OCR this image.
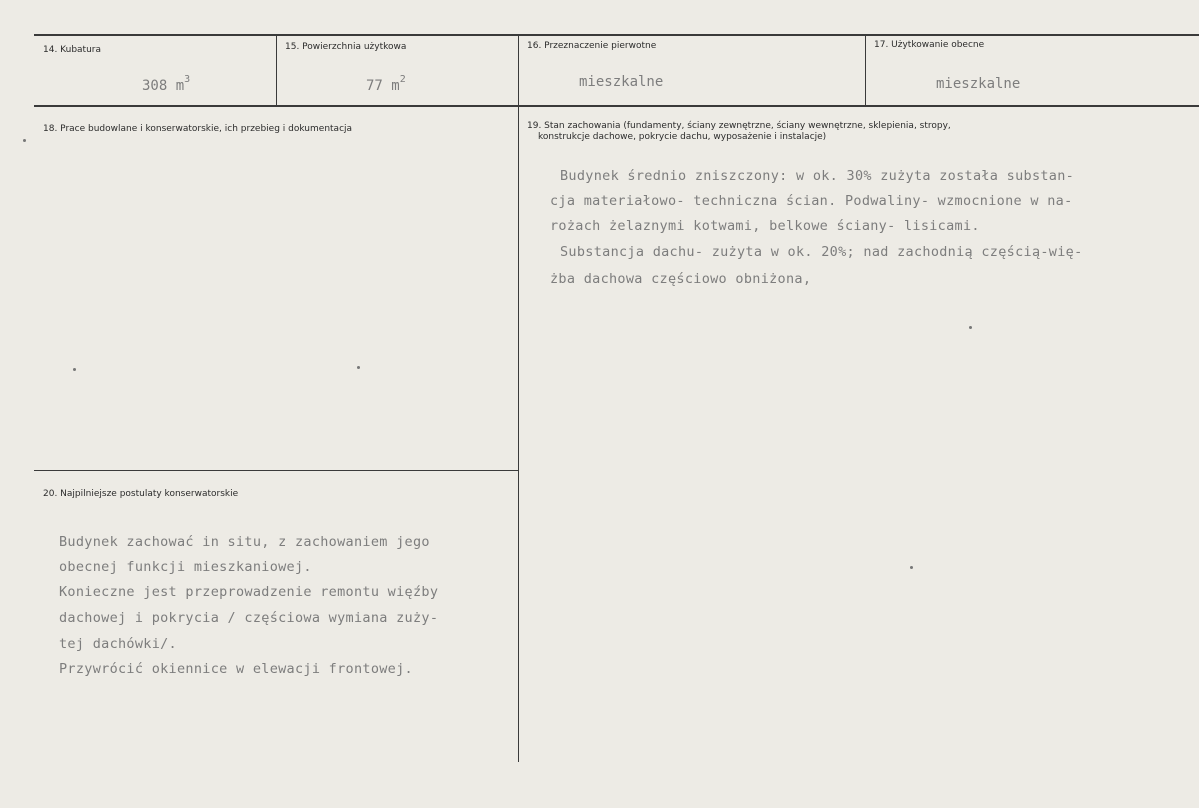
14. Kubatura
308 $m^3$
15. Powierzchnia użytkowa
77 $m^2$
16. Przeznaczenie pierwotne
mieszkalne
17. Użytkowanie obecne
mieszkalne
18. Prace budowlane i konserwatorskie, ich przebieg i dokumentacja	19. Stan zachowania (fundamenty, ściany zewnętrzne, ściany wewnętrzne, sklepienia, stropy,
konstrukcje dachowe, pokrycie dachu, wyposażenie i instalacje)
Budynek średnio zniszczony: w ok. 30% zużyta została substan-
cja materiałowo- techniczna ścian. Podwaliny- wzmocnione w na-
rożach żelaznymi kotwami, belkowe ściany- lisicami.
Substancja dachu- zużyta w ok. 20%; nad zachodnią częścią-wię-
żba dachowa częściowo obniżona,
20. Najpilniejsze postulaty konserwatorskie
Budynek zachować in situ, z zachowaniem jego
obecnej funkcji mieszkaniowej.
Konieczne jest przeprowadzenie remontu więźby
dachowej i pokrycia / częściowa wymiana zuży-
tej dachówki/.
Przywrócić okiennice w elewacji frontowej.
